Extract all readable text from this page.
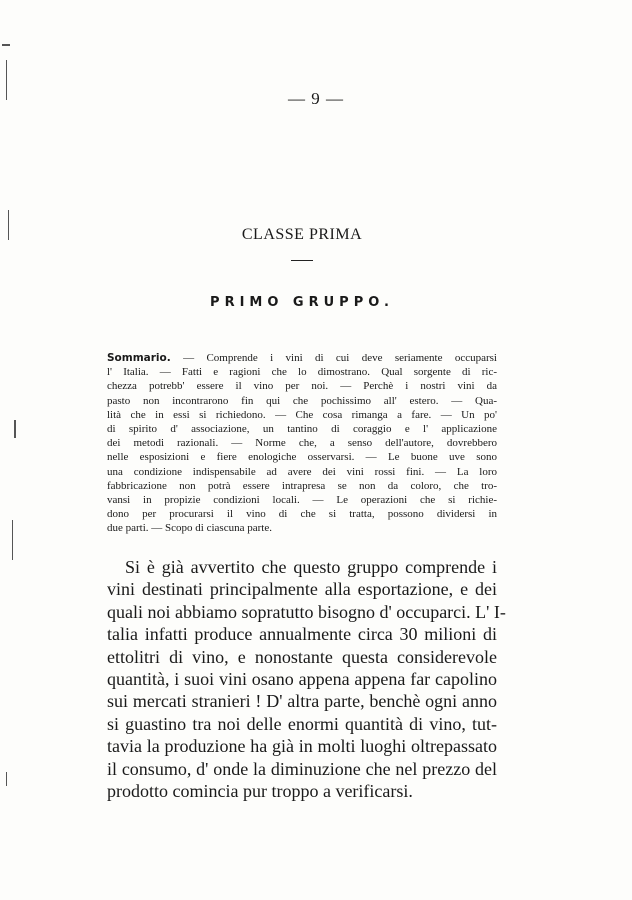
— 9 —
CLASSE PRIMA
PRIMO GRUPPO.
Sommario. — Comprende i vini di cui deve seriamente occuparsi
l' Italia. — Fatti e ragioni che lo dimostrano. Qual sorgente di ric-
chezza potrebb' essere il vino per noi. — Perchè i nostri vini da
pasto non incontrarono fin qui che pochissimo all' estero. — Qua-
lità che in essi si richiedono. — Che cosa rimanga a fare. — Un po'
di spirito d' associazione, un tantino di coraggio e l' applicazione
dei metodi razionali. — Norme che, a senso dell'autore, dovrebbero
nelle esposizioni e fiere enologiche osservarsi. — Le buone uve sono
una condizione indispensabile ad avere dei vini rossi fini. — La loro
fabbricazione non potrà essere intrapresa se non da coloro, che tro-
vansi in propizie condizioni locali. — Le operazioni che si richie-
dono per procurarsi il vino di che si tratta, possono dividersi in
due parti. — Scopo di ciascuna parte.
Si è già avvertito che questo gruppo comprende i
vini destinati principalmente alla esportazione, e dei
quali noi abbiamo sopratutto bisogno d' occuparci. L' I-
talia infatti produce annualmente circa 30 milioni di
ettolitri di vino, e nonostante questa considerevole
quantità, i suoi vini osano appena appena far capolino
sui mercati stranieri ! D' altra parte, benchè ogni anno
si guastino tra noi delle enormi quantità di vino, tut-
tavia la produzione ha già in molti luoghi oltrepassato
il consumo, d' onde la diminuzione che nel prezzo del
prodotto comincia pur troppo a verificarsi.
